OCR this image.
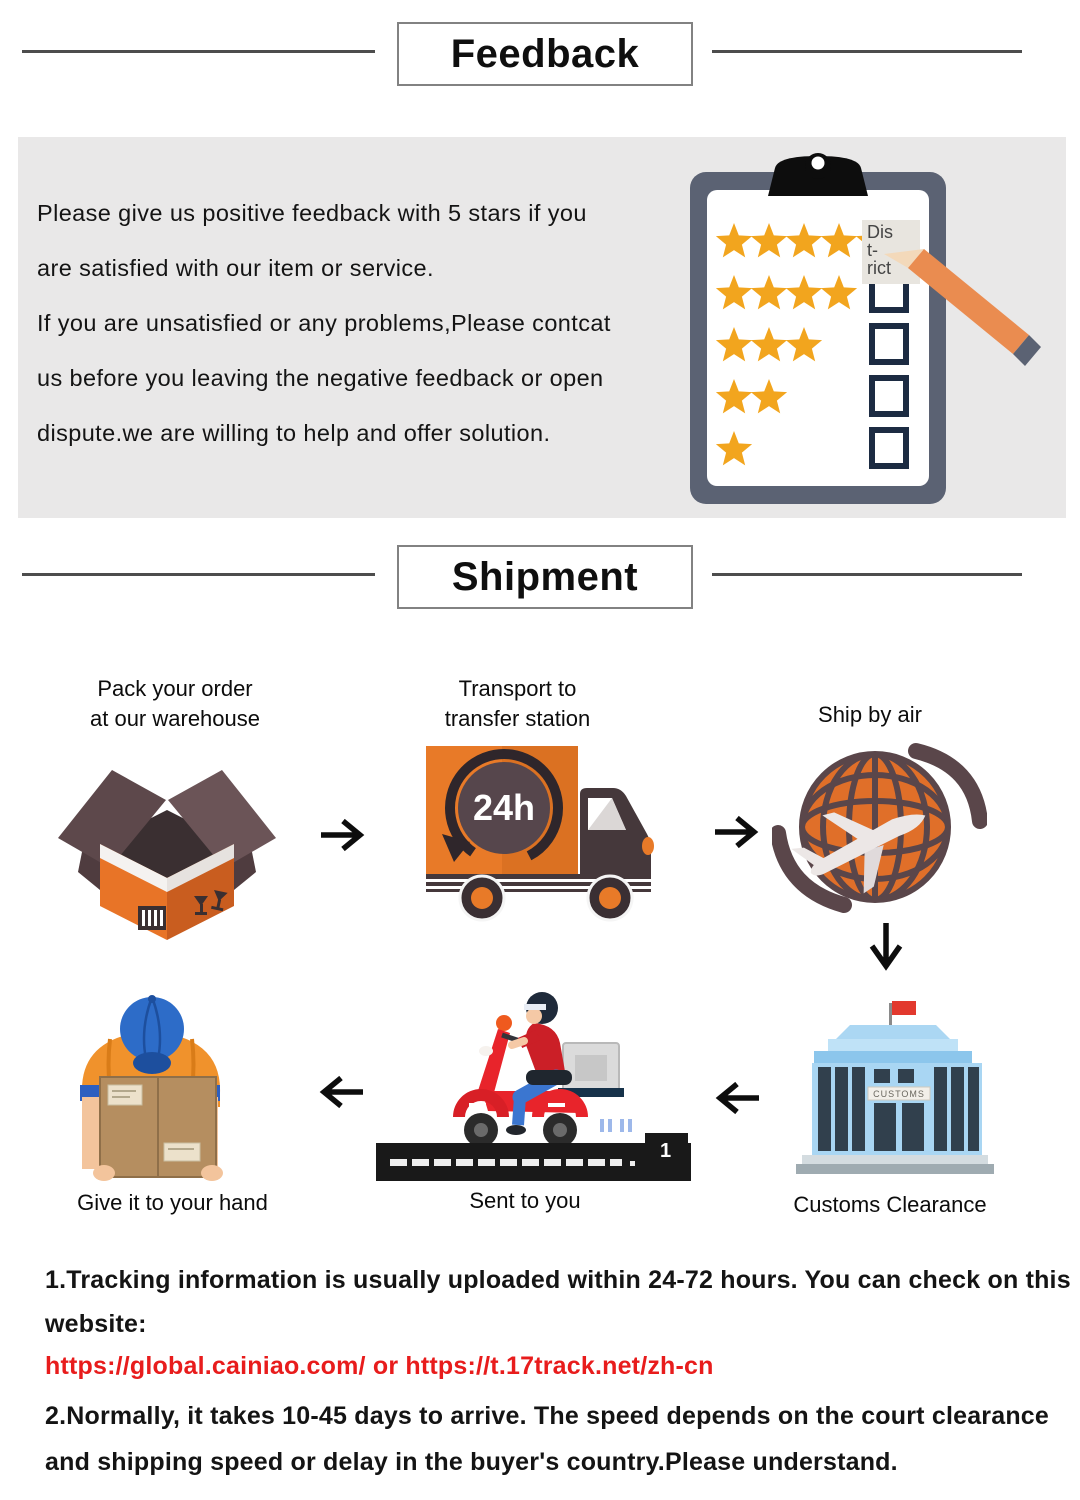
Feedback
Please give us positive feedback with 5 stars if you
are satisfied with our item or service.
If you are unsatisfied or any problems,Please contcat
us before you leaving the negative feedback or open
dispute.we are willing to help and offer solution.
Dis
t-
rict
Shipment
Pack your order
at our warehouse
Transport to
transfer station	Ship by air
24h
1
CUSTOMS
Give it to your hand	Sent to you	Customs Clearance
1.Tracking information is usually uploaded within 24-72 hours. You can check on this
website:
https://global.cainiao.com/ or https://t.17track.net/zh-cn
2.Normally, it takes 10-45 days to arrive. The speed depends on the court clearance
and shipping speed or delay in the buyer's country.Please understand.
